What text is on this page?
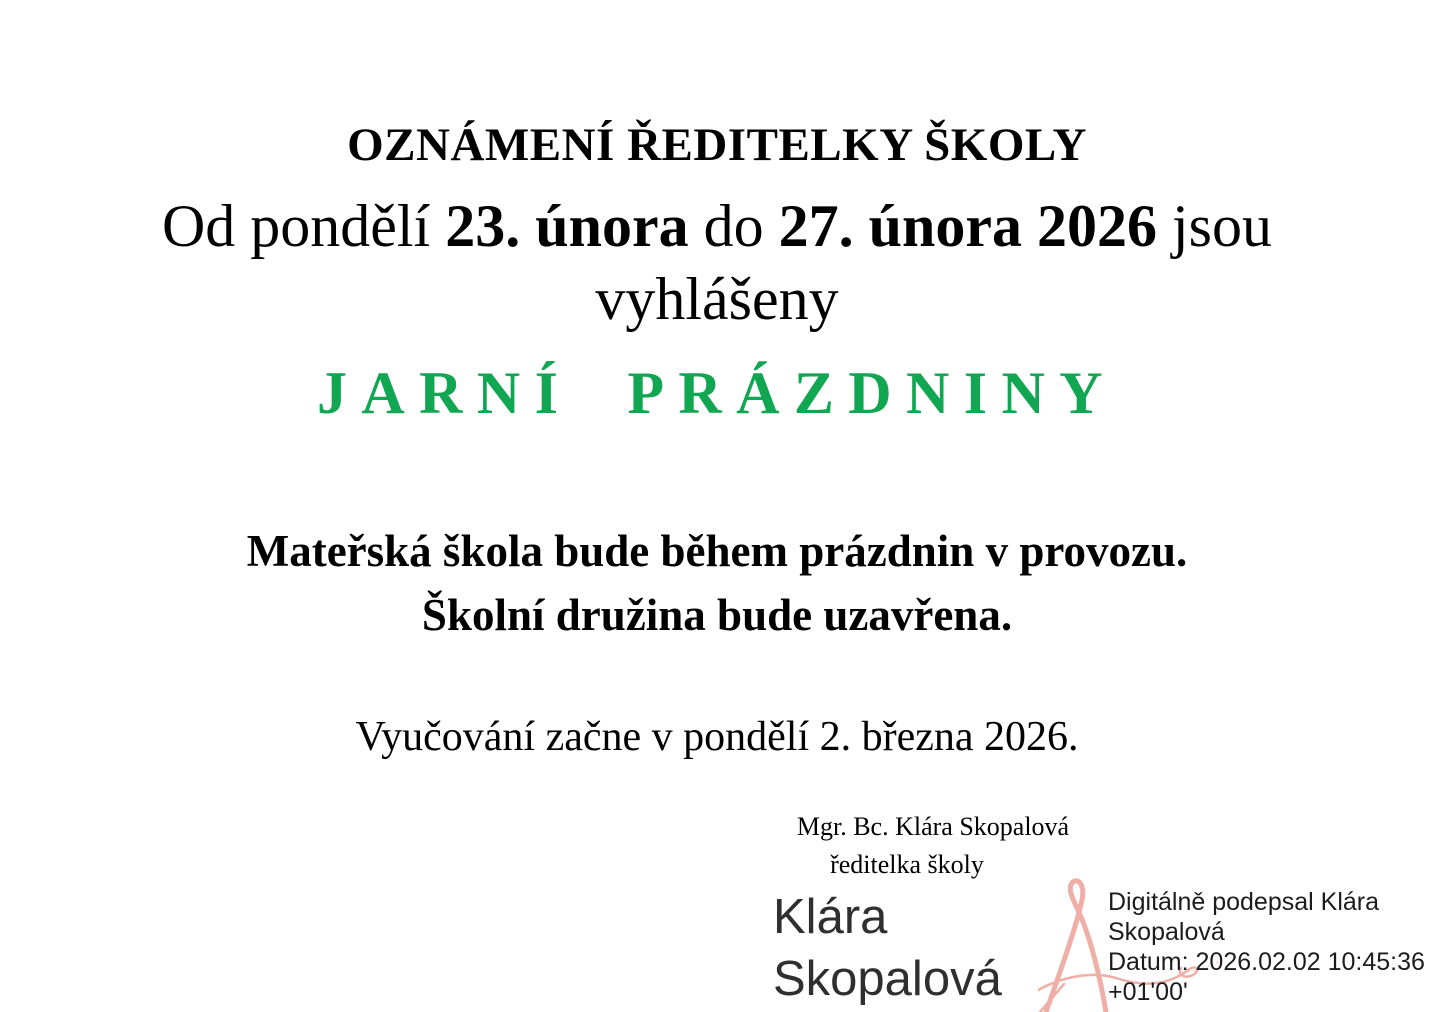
OZNÁMENÍ ŘEDITELKY ŠKOLY
Od pondělí 23. února do 27. února 2026 jsou
vyhlášeny
JARNÍ PRÁZDNINY
Mateřská škola bude během prázdnin v provozu.
Školní družina bude uzavřena.
Vyučování začne v pondělí 2. března 2026.
Mgr. Bc. Klára Skopalová
ředitelka školy
Klára
Skopalová
Digitálně podepsal Klára
Skopalová
Datum: 2026.02.02 10:45:36
+01'00'
